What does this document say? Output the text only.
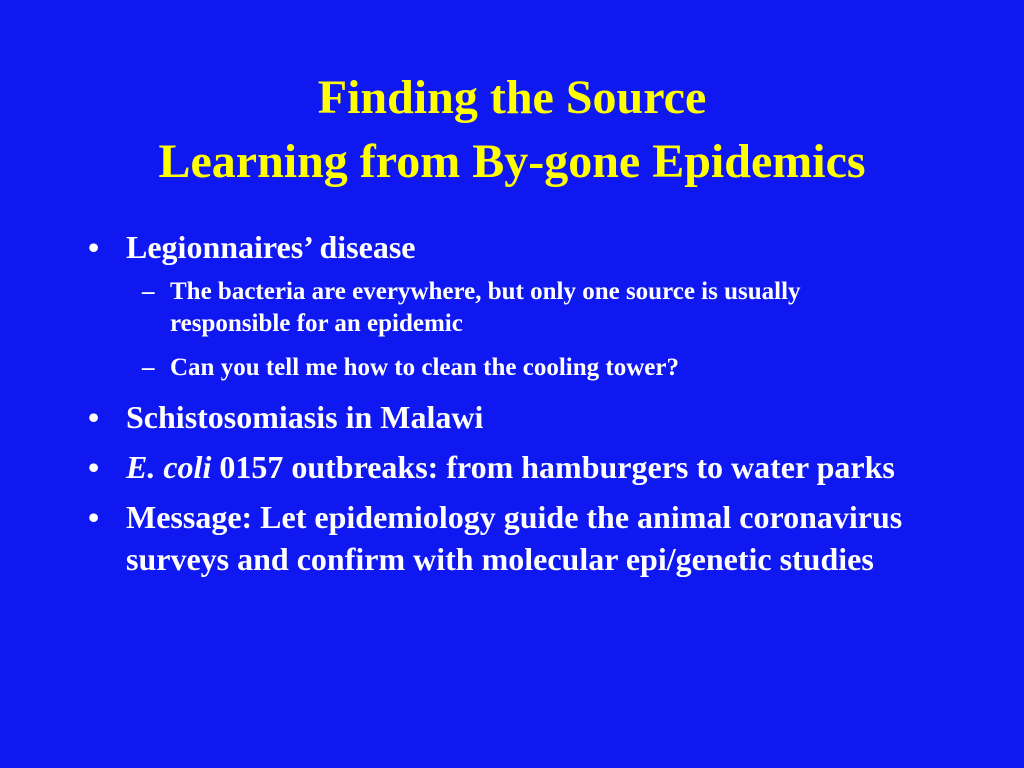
Finding the Source
Learning from By-gone Epidemics
• Legionnaires’ disease
– The bacteria are everywhere, but only one source is usually responsible for an epidemic
– Can you tell me how to clean the cooling tower?
• Schistosomiasis in Malawi
• E. coli 0157 outbreaks: from hamburgers to water parks
• Message: Let epidemiology guide the animal coronavirus surveys and confirm with molecular epi/genetic studies
